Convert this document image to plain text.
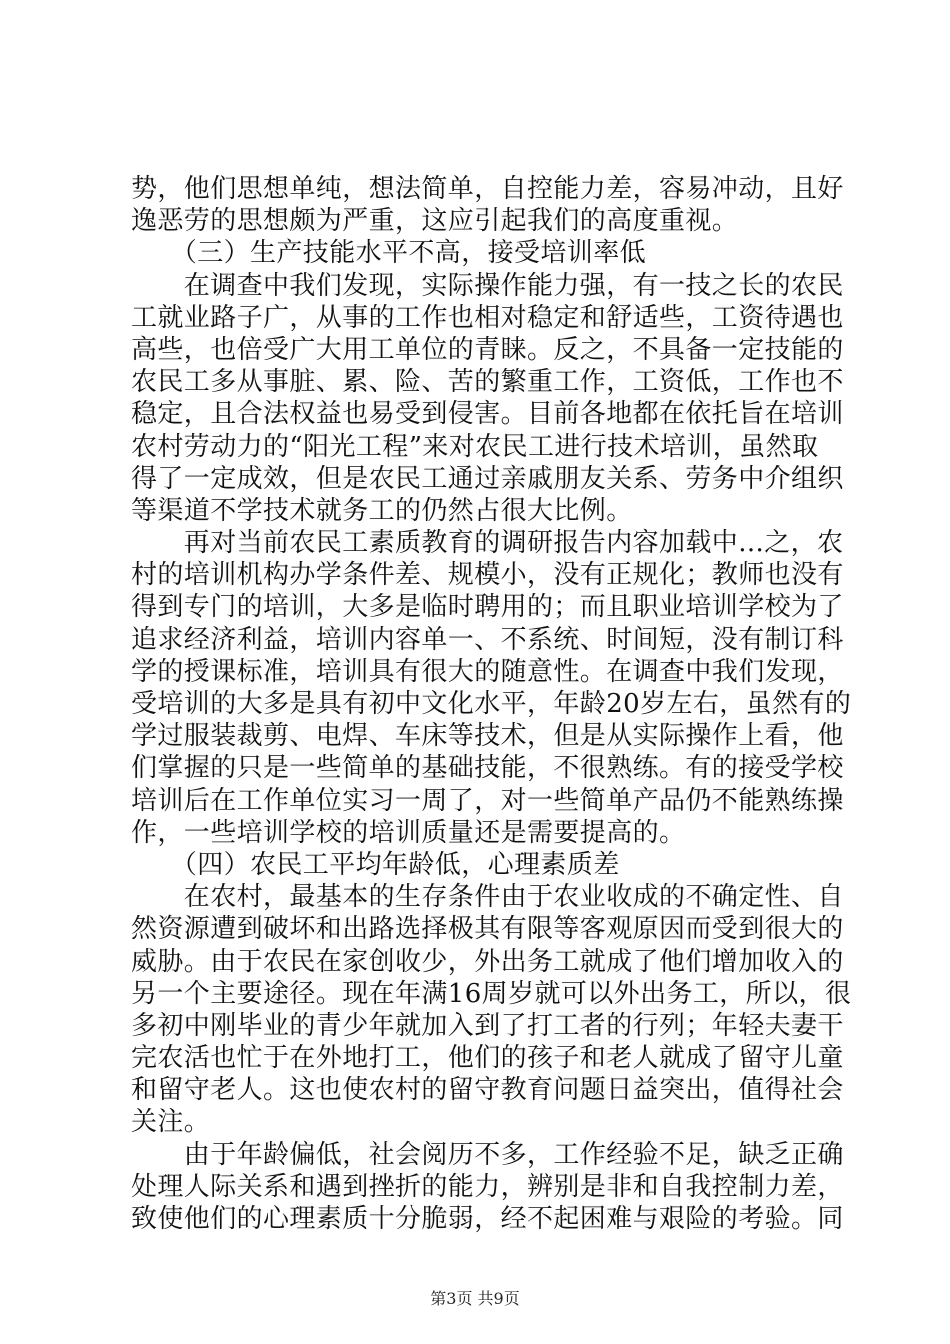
势，他们思想单纯，想法简单，自控能力差，容易冲动，且好
逸恶劳的思想颇为严重，这应引起我们的高度重视。
　　（三）生产技能水平不高，接受培训率低
　　在调查中我们发现，实际操作能力强，有一技之长的农民
工就业路子广，从事的工作也相对稳定和舒适些，工资待遇也
高些，也倍受广大用工单位的青睐。反之，不具备一定技能的
农民工多从事脏、累、险、苦的繁重工作，工资低，工作也不
稳定，且合法权益也易受到侵害。目前各地都在依托旨在培训
农村劳动力的“阳光工程”来对农民工进行技术培训，虽然取
得了一定成效，但是农民工通过亲戚朋友关系、劳务中介组织
等渠道不学技术就务工的仍然占很大比例。
　　再对当前农民工素质教育的调研报告内容加载中...之，农
村的培训机构办学条件差、规模小，没有正规化；教师也没有
得到专门的培训，大多是临时聘用的；而且职业培训学校为了
追求经济利益，培训内容单一、不系统、时间短，没有制订科
学的授课标准，培训具有很大的随意性。在调查中我们发现，
受培训的大多是具有初中文化水平，年龄20岁左右，虽然有的
学过服装裁剪、电焊、车床等技术，但是从实际操作上看，他
们掌握的只是一些简单的基础技能，不很熟练。有的接受学校
培训后在工作单位实习一周了，对一些简单产品仍不能熟练操
作，一些培训学校的培训质量还是需要提高的。
　　（四）农民工平均年龄低，心理素质差
　　在农村，最基本的生存条件由于农业收成的不确定性、自
然资源遭到破坏和出路选择极其有限等客观原因而受到很大的
威胁。由于农民在家创收少，外出务工就成了他们增加收入的
另一个主要途径。现在年满16周岁就可以外出务工，所以，很
多初中刚毕业的青少年就加入到了打工者的行列；年轻夫妻干
完农活也忙于在外地打工，他们的孩子和老人就成了留守儿童
和留守老人。这也使农村的留守教育问题日益突出，值得社会
关注。
　　由于年龄偏低，社会阅历不多，工作经验不足，缺乏正确
处理人际关系和遇到挫折的能力，辨别是非和自我控制力差，
致使他们的心理素质十分脆弱，经不起困难与艰险的考验。同
第3页 共9页
